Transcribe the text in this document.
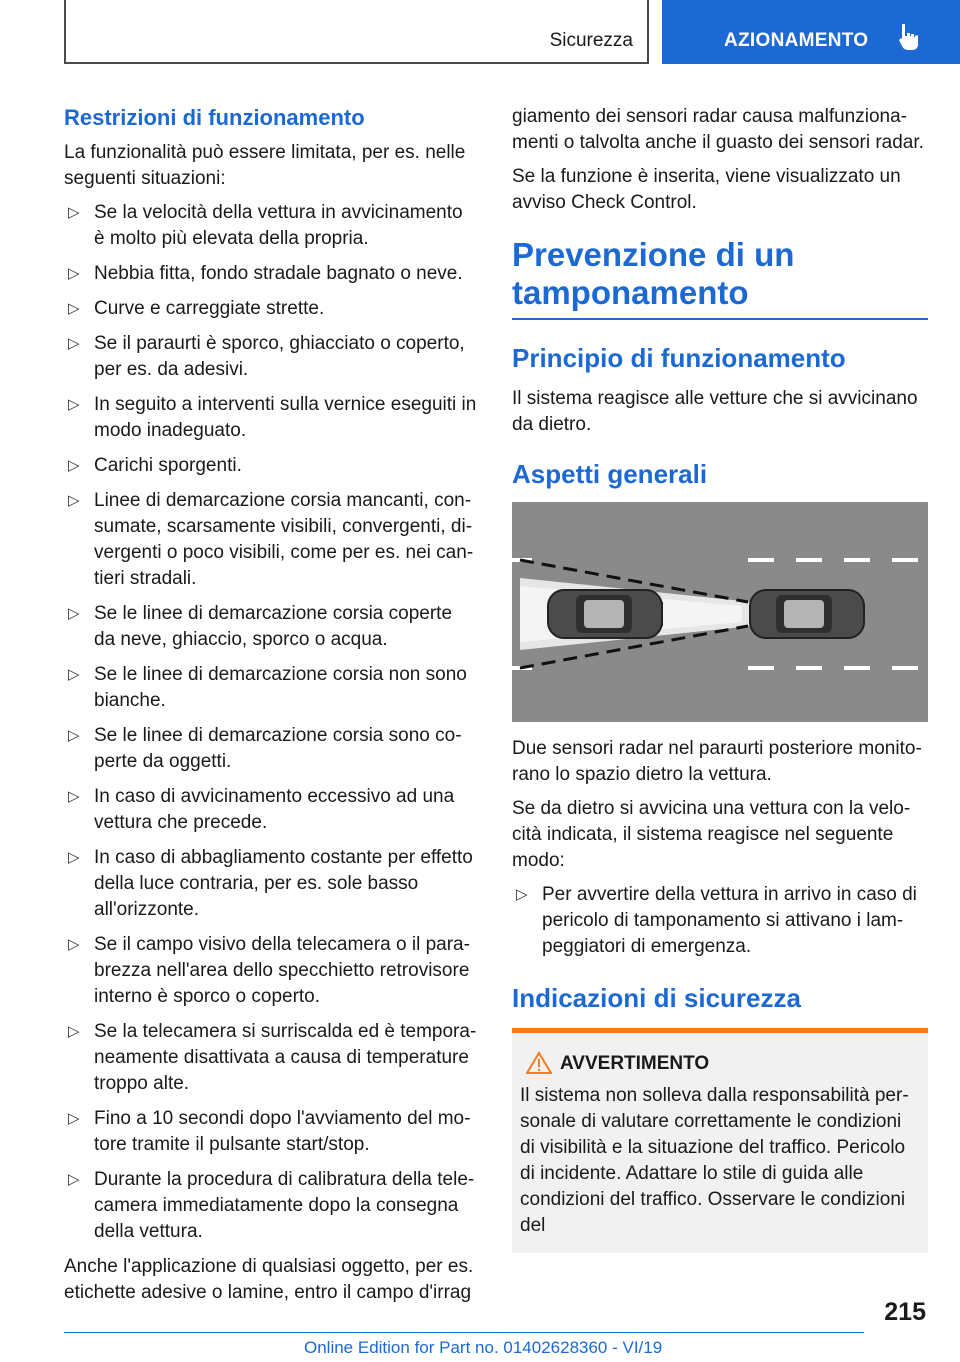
Sicurezza	AZIONAMENTO
Restrizioni di funzionamento

La funzionalità può essere limitata, per es. nelle seguenti situazioni:

▷ Se la velocità della vettura in avvicinamento è molto più elevata della propria.
▷ Nebbia fitta, fondo stradale bagnato o neve.
▷ Curve e carreggiate strette.
▷ Se il paraurti è sporco, ghiacciato o coperto, per es. da adesivi.
▷ In seguito a interventi sulla vernice eseguiti in modo inadeguato.
▷ Carichi sporgenti.
▷ Linee di demarcazione corsia mancanti, consumate, scarsamente visibili, convergenti, divergenti o poco visibili, come per es. nei cantieri stradali.
▷ Se le linee di demarcazione corsia coperte da neve, ghiaccio, sporco o acqua.
▷ Se le linee di demarcazione corsia non sono bianche.
▷ Se le linee di demarcazione corsia sono coperte da oggetti.
▷ In caso di avvicinamento eccessivo ad una vettura che precede.
▷ In caso di abbagliamento costante per effetto della luce contraria, per es. sole basso all'orizzonte.
▷ Se il campo visivo della telecamera o il parabrezza nell'area dello specchietto retrovisore interno è sporco o coperto.
▷ Se la telecamera si surriscalda ed è temporaneamente disattivata a causa di temperature troppo alte.
▷ Fino a 10 secondi dopo l'avviamento del motore tramite il pulsante start/stop.
▷ Durante la procedura di calibratura della telecamera immediatamente dopo la consegna della vettura.

Anche l'applicazione di qualsiasi oggetto, per es. etichette adesive o lamine, entro il campo d'irrag

giamento dei sensori radar causa malfunzionamenti o talvolta anche il guasto dei sensori radar.

Se la funzione è inserita, viene visualizzato un avviso Check Control.

Prevenzione di un tamponamento
Principio di funzionamento

Il sistema reagisce alle vetture che si avvicinano da dietro.

Aspetti generali

Due sensori radar nel paraurti posteriore monitorano lo spazio dietro la vettura.

Se da dietro si avvicina una vettura con la velocità indicata, il sistema reagisce nel seguente modo:

▷ Per avvertire della vettura in arrivo in caso di pericolo di tamponamento si attivano i lampeggiatori di emergenza.
Indicazioni di sicurezza
AVVERTIMENTO

Il sistema non solleva dalla responsabilità personale di valutare correttamente le condizioni di visibilità e la situazione del traffico. Pericolo di incidente. Adattare lo stile di guida alle condizioni del traffico. Osservare le condizioni del

215
Online Edition for Part no. 01402628360 - VI/19
